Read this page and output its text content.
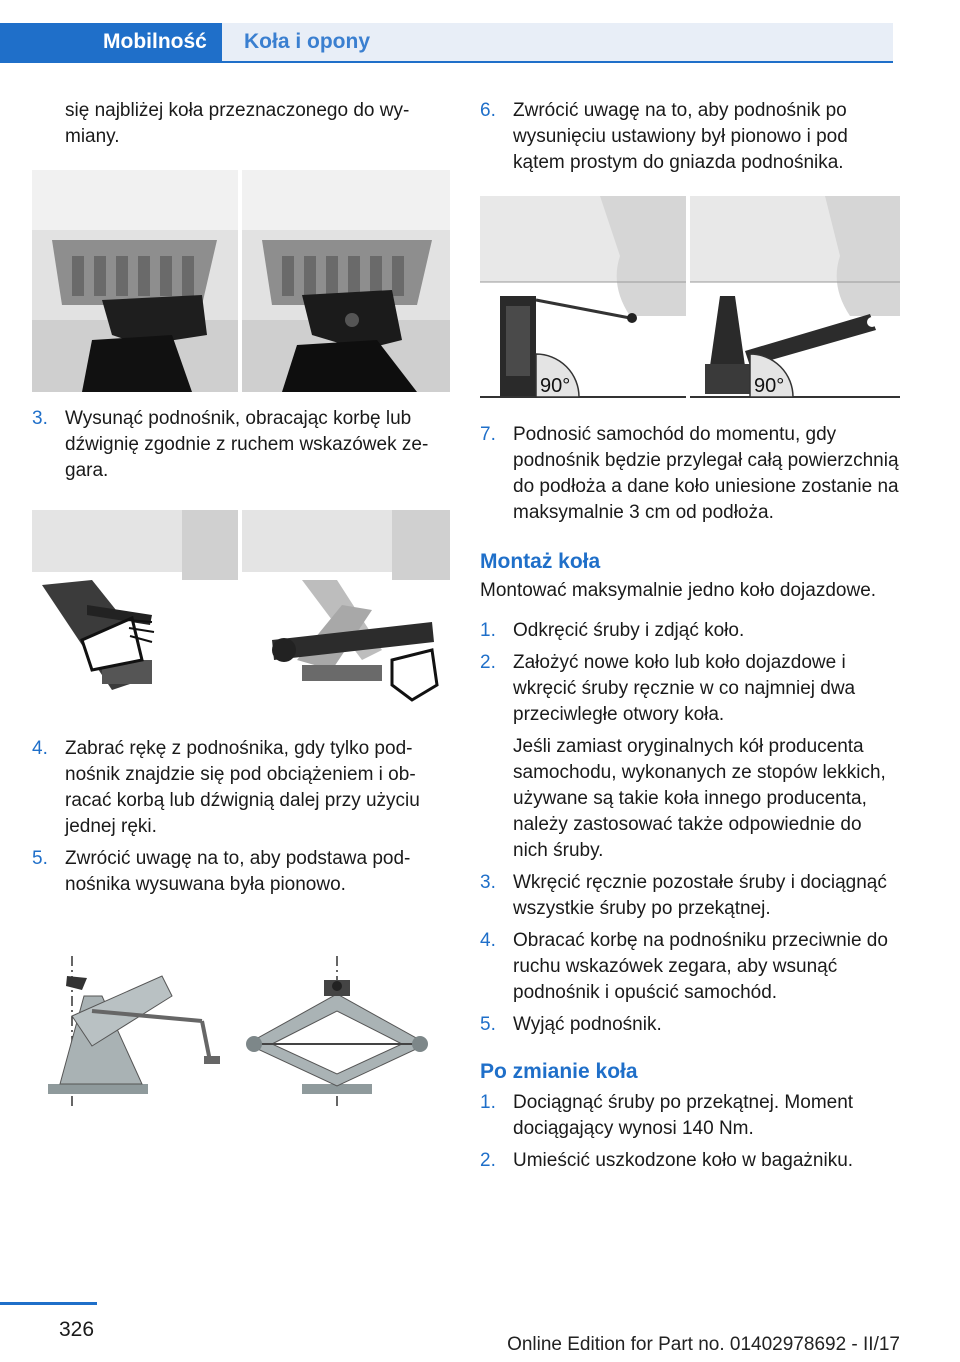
Mobilność	Koła i opony

się najbliżej koła przeznaczonego do wymiany.

3. Wysunąć podnośnik, obracając korbę lub dźwignię zgodnie z ruchem wskazówek zegara.
4. Zabrać rękę z podnośnika, gdy tylko podnośnik znajdzie się pod obciążeniem i obracać korbą lub dźwignią dalej przy użyciu jednej ręki.
5. Zwrócić uwagę na to, aby podstawa podnośnika wysuwana była pionowo.
6. Zwrócić uwagę na to, aby podnośnik po wysunięciu ustawiony był pionowo i pod kątem prostym do gniazda podnośnika.
90°	90°
7. Podnosić samochód do momentu, gdy podnośnik będzie przylegał całą powierzchnią do podłoża a dane koło uniesione zostanie na maksymalnie 3 cm od podłoża.
Montaż koła

Montować maksymalnie jedno koło dojazdowe.

1. Odkręcić śruby i zdjąć koło.
2. Założyć nowe koło lub koło dojazdowe i wkręcić śruby ręcznie w co najmniej dwa przeciwległe otwory koła.

Jeśli zamiast oryginalnych kół producenta samochodu, wykonanych ze stopów lekkich, używane są takie koła innego producenta, należy zastosować także odpowiednie do nich śruby.

3. Wkręcić ręcznie pozostałe śruby i dociągnąć wszystkie śruby po przekątnej.
4. Obracać korbę na podnośniku przeciwnie do ruchu wskazówek zegara, aby wsunąć podnośnik i opuścić samochód.
5. Wyjąć podnośnik.
Po zmianie koła
1. Dociągnąć śruby po przekątnej. Moment dociągający wynosi 140 Nm.
2. Umieścić uszkodzone koło w bagażniku.
326
Online Edition for Part no. 01402978692 - II/17
